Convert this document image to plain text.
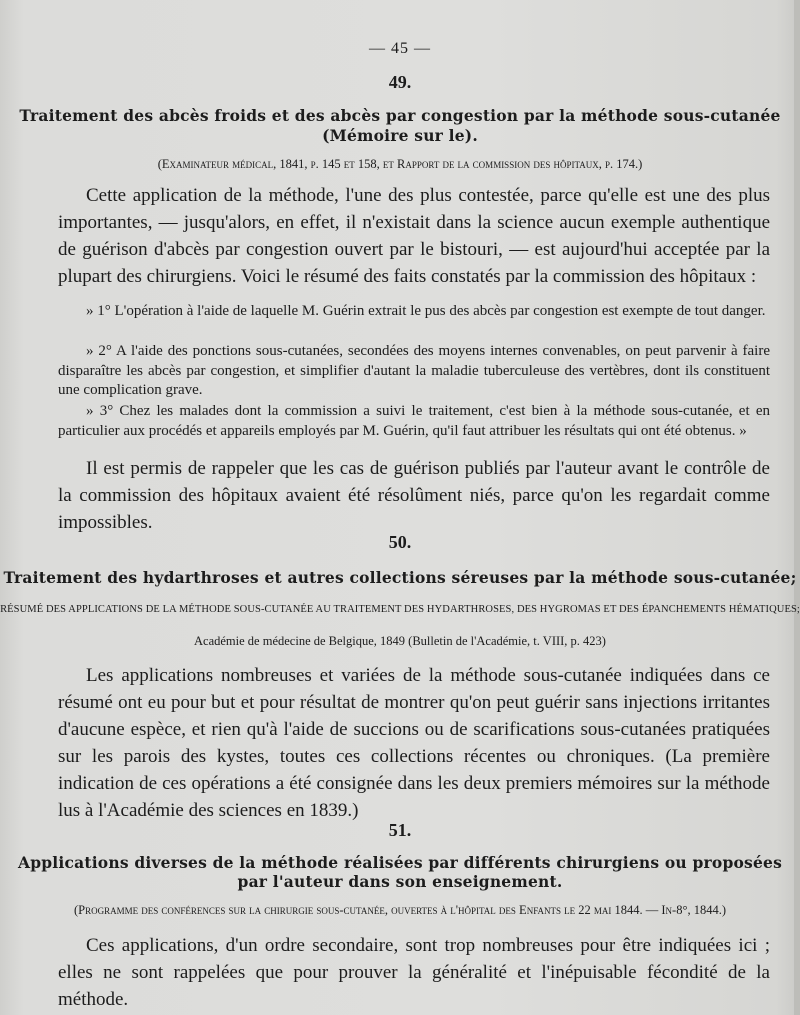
— 45 —
49.
Traitement des abcès froids et des abcès par congestion par la méthode sous-cutanée
(Mémoire sur le).
(Examinateur médical, 1841, p. 145 et 158, et Rapport de la commission des hôpitaux, p. 174.)
Cette application de la méthode, l'une des plus contestée, parce qu'elle est une des plus importantes, — jusqu'alors, en effet, il n'existait dans la science aucun exemple authentique de guérison d'abcès par congestion ouvert par le bistouri, — est aujourd'hui acceptée par la plupart des chirurgiens. Voici le résumé des faits constatés par la commission des hôpitaux :
» 1° L'opération à l'aide de laquelle M. Guérin extrait le pus des abcès par congestion est exempte de tout danger.
» 2° A l'aide des ponctions sous-cutanées, secondées des moyens internes convenables, on peut parvenir à faire disparaître les abcès par congestion, et simplifier d'autant la maladie tuberculeuse des vertèbres, dont ils constituent une complication grave.
» 3° Chez les malades dont la commission a suivi le traitement, c'est bien à la méthode sous-cutanée, et en particulier aux procédés et appareils employés par M. Guérin, qu'il faut attribuer les résultats qui ont été obtenus. »
Il est permis de rappeler que les cas de guérison publiés par l'auteur avant le contrôle de la commission des hôpitaux avaient été résolûment niés, parce qu'on les regardait comme impossibles.
50.
Traitement des hydarthroses et autres collections séreuses par la méthode sous-cutanée;
RÉSUMÉ DES APPLICATIONS DE LA MÉTHODE SOUS-CUTANÉE AU TRAITEMENT DES HYDARTHROSES, DES HYGROMAS ET DES ÉPANCHEMENTS HÉMATIQUES;
Académie de médecine de Belgique, 1849 (Bulletin de l'Académie, t. VIII, p. 423)
Les applications nombreuses et variées de la méthode sous-cutanée indiquées dans ce résumé ont eu pour but et pour résultat de montrer qu'on peut guérir sans injections irritantes d'aucune espèce, et rien qu'à l'aide de succions ou de scarifications sous-cutanées pratiquées sur les parois des kystes, toutes ces collections récentes ou chroniques. (La première indication de ces opérations a été consignée dans les deux premiers mémoires sur la méthode lus à l'Académie des sciences en 1839.)
51.
Applications diverses de la méthode réalisées par différents chirurgiens ou proposées
par l'auteur dans son enseignement.
(Programme des conférences sur la chirurgie sous-cutanée, ouvertes à l'hôpital des Enfants le 22 mai 1844. — In-8°, 1844.)
Ces applications, d'un ordre secondaire, sont trop nombreuses pour être indiquées ici ; elles ne sont rappelées que pour prouver la généralité et l'inépuisable fécondité de la méthode.
